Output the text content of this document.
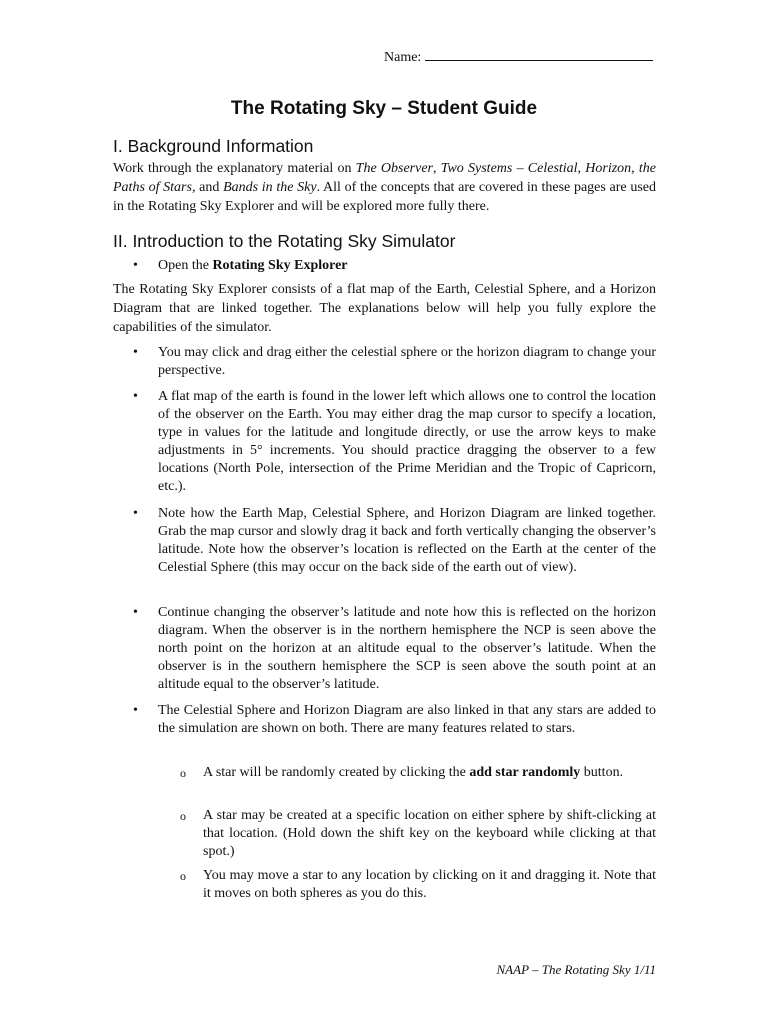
Name:
The Rotating Sky – Student Guide
I. Background Information

Work through the explanatory material on The Observer, Two Systems – Celestial, Horizon, the Paths of Stars, and Bands in the Sky. All of the concepts that are covered in these pages are used in the Rotating Sky Explorer and will be explored more fully there.

II. Introduction to the Rotating Sky Simulator

• Open the Rotating Sky Explorer

The Rotating Sky Explorer consists of a flat map of the Earth, Celestial Sphere, and a Horizon Diagram that are linked together. The explanations below will help you fully explore the capabilities of the simulator.

• You may click and drag either the celestial sphere or the horizon diagram to change your perspective.

• A flat map of the earth is found in the lower left which allows one to control the location of the observer on the Earth. You may either drag the map cursor to specify a location, type in values for the latitude and longitude directly, or use the arrow keys to make adjustments in 5° increments. You should practice dragging the observer to a few locations (North Pole, intersection of the Prime Meridian and the Tropic of Capricorn, etc.).

• Note how the Earth Map, Celestial Sphere, and Horizon Diagram are linked together. Grab the map cursor and slowly drag it back and forth vertically changing the observer’s latitude. Note how the observer’s location is reflected on the Earth at the center of the Celestial Sphere (this may occur on the back side of the earth out of view).

• Continue changing the observer’s latitude and note how this is reflected on the horizon diagram. When the observer is in the northern hemisphere the NCP is seen above the north point on the horizon at an altitude equal to the observer’s latitude. When the observer is in the southern hemisphere the SCP is seen above the south point at an altitude equal to the observer’s latitude.

• The Celestial Sphere and Horizon Diagram are also linked in that any stars are added to the simulation are shown on both. There are many features related to stars.

o A star will be randomly created by clicking the add star randomly button.

o A star may be created at a specific location on either sphere by shift-clicking at that location. (Hold down the shift key on the keyboard while clicking at that spot.)

o You may move a star to any location by clicking on it and dragging it. Note that it moves on both spheres as you do this.

NAAP – The Rotating Sky 1/11
